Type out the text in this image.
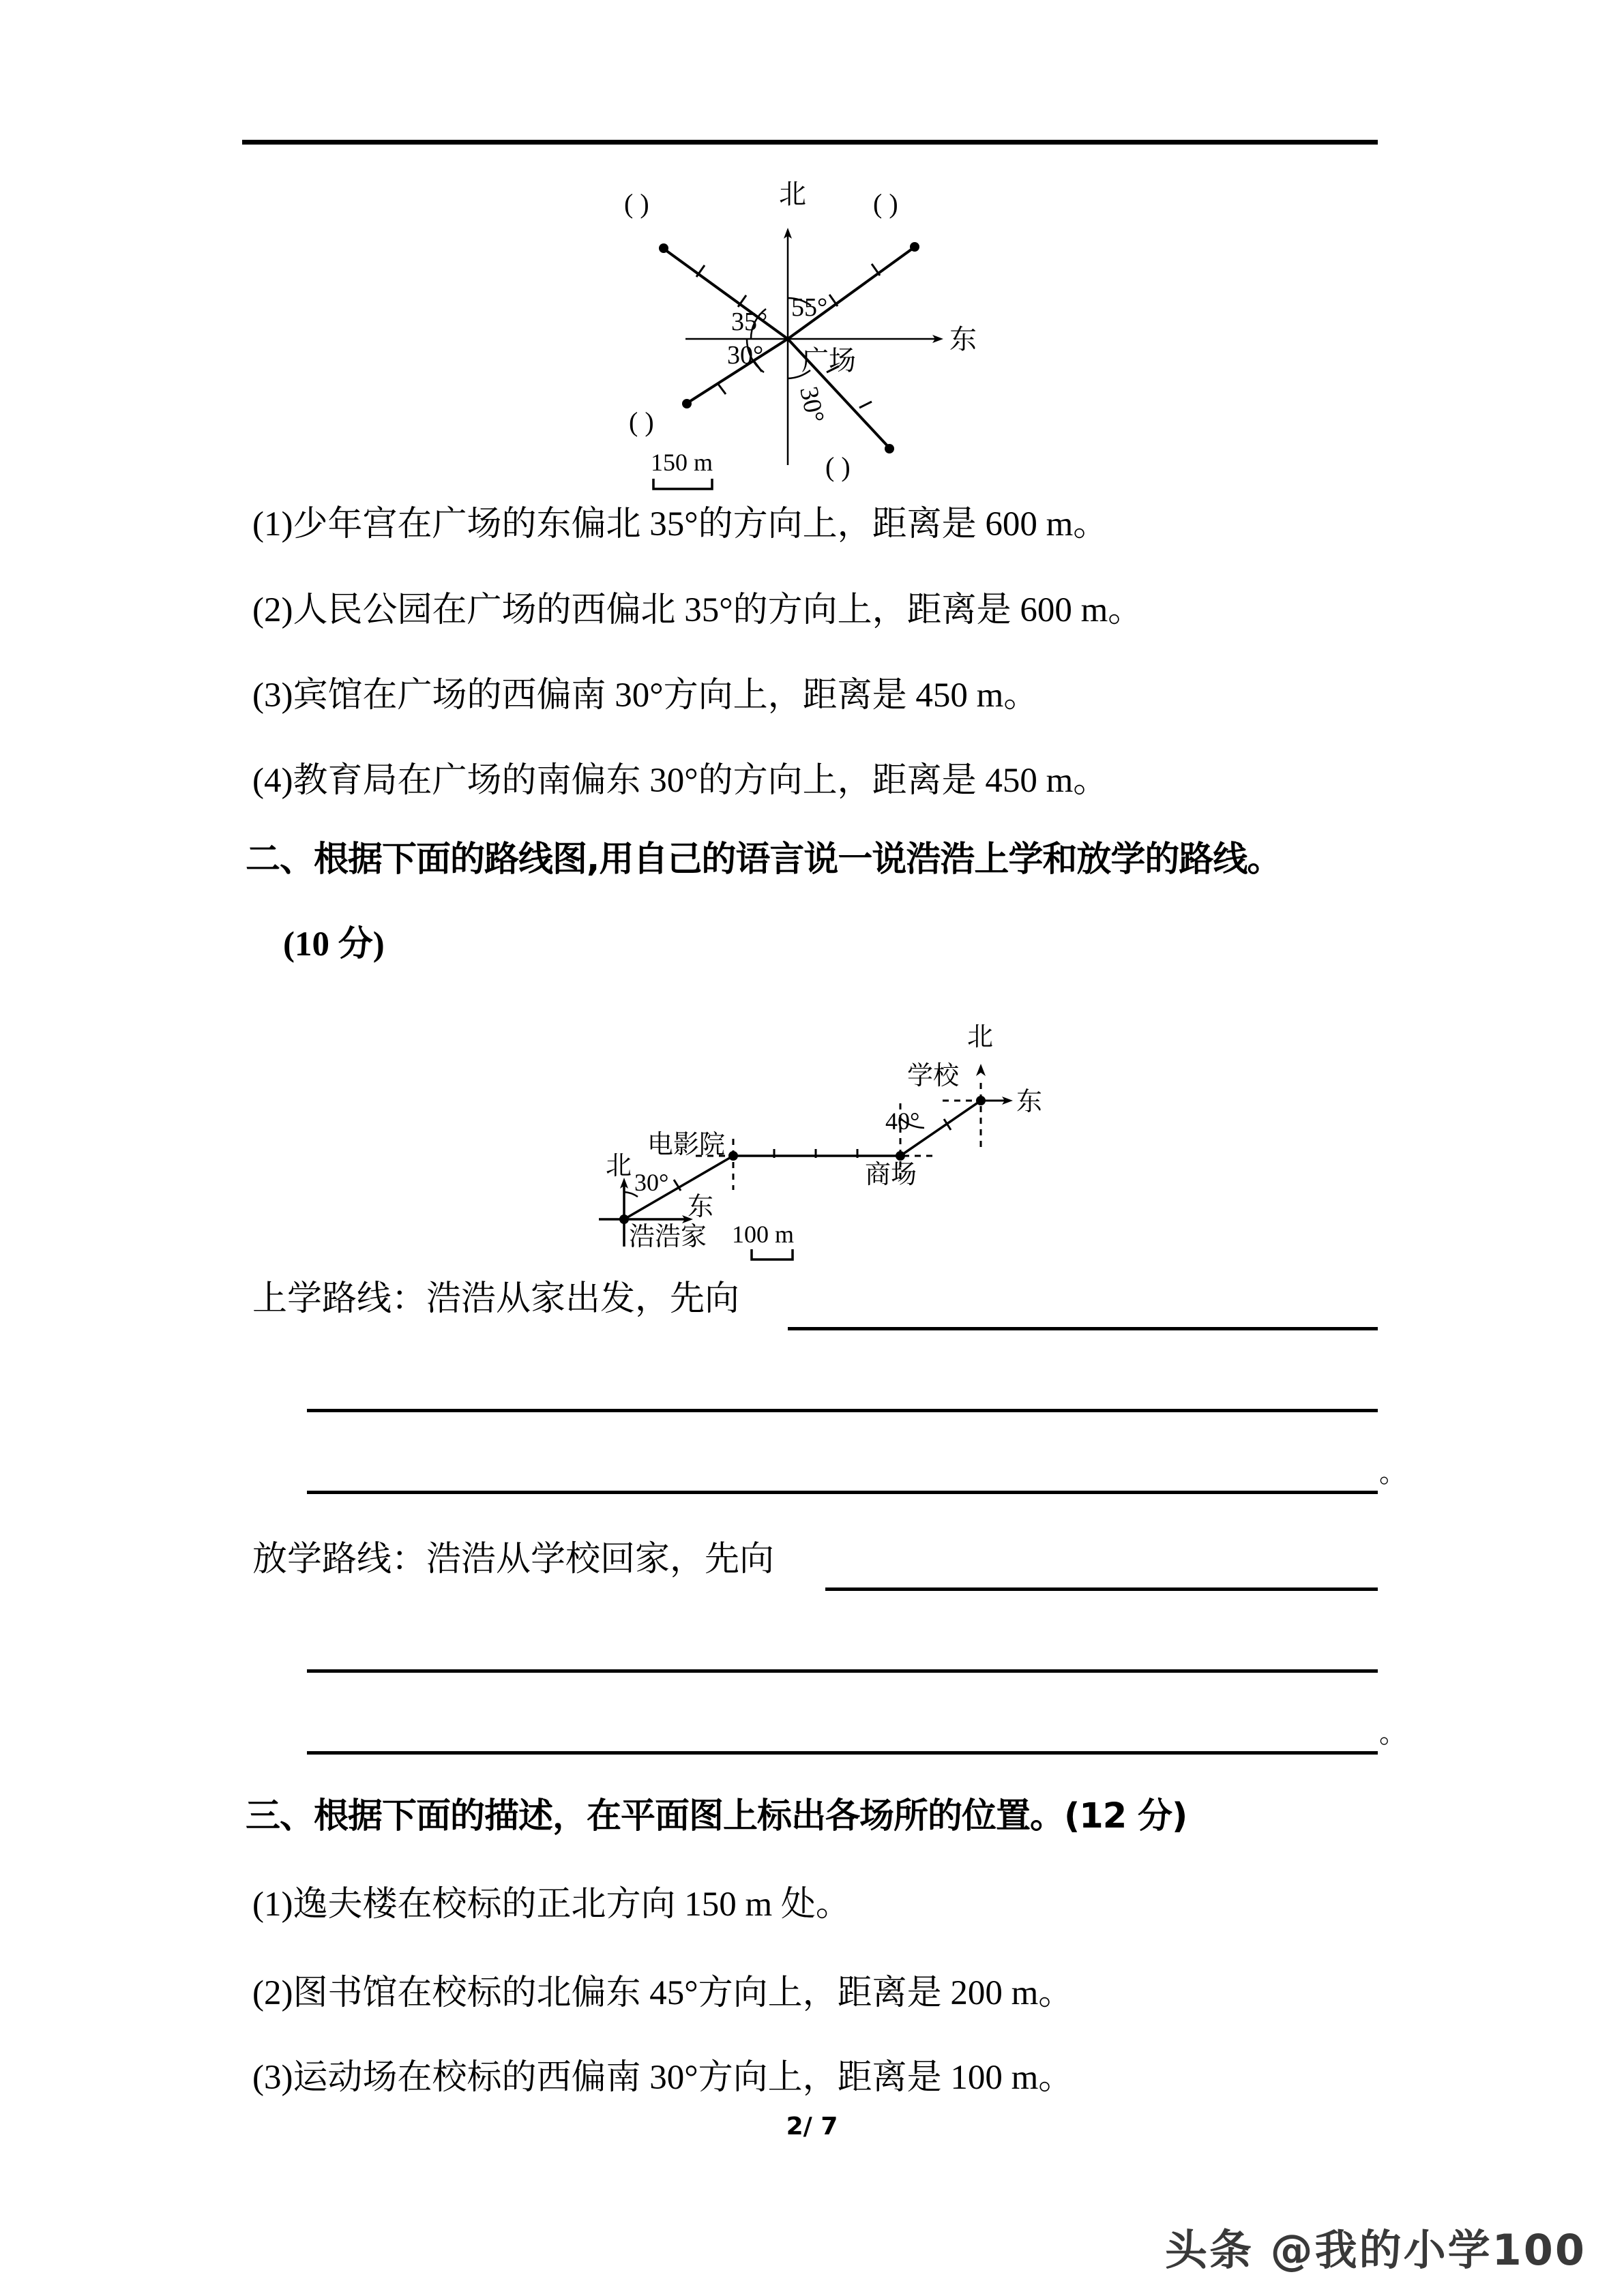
北
东
广场
35° 55°
30°
30°
( )	( )
( )
( )
150 m
(1)少年宫在广场的东偏北 35°的方向上，距离是 600 m。
(2)人民公园在广场的西偏北 35°的方向上，距离是 600 m。
(3)宾馆在广场的西偏南 30°方向上，距离是 450 m。
(4)教育局在广场的南偏东 30°的方向上，距离是 450 m。
二、根据下面的路线图,用自己的语言说一说浩浩上学和放学的路线。
(10 分)
北
东
浩浩家
30°
电影院
商场
40°
学校
北
东
100 m
上学路线：浩浩从家出发，先向
。
放学路线：浩浩从学校回家，先向
。
三、根据下面的描述，在平面图上标出各场所的位置。(12 分)
(1)逸夫楼在校标的正北方向 150 m 处。
(2)图书馆在校标的北偏东 45°方向上，距离是 200 m。
(3)运动场在校标的西偏南 30°方向上，距离是 100 m。
2/ 7
头条 @我的小学100
